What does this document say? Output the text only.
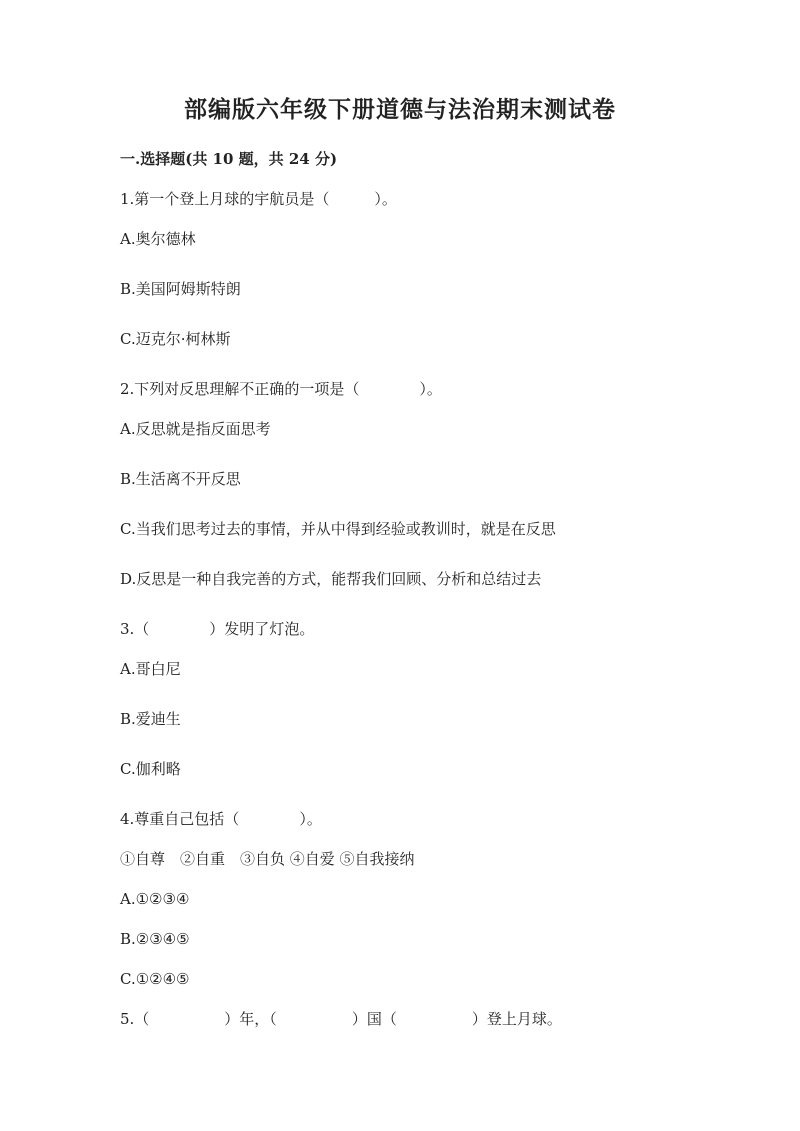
部编版六年级下册道德与法治期末测试卷
一.选择题(共 10 题，共 24 分)
1.第一个登上月球的宇航员是（　　　）。
A.奥尔德林
B.美国阿姆斯特朗
C.迈克尔·柯林斯
2.下列对反思理解不正确的一项是（　　　　）。
A.反思就是指反面思考
B.生活离不开反思
C.当我们思考过去的事情，并从中得到经验或教训时，就是在反思
D.反思是一种自我完善的方式，能帮我们回顾、分析和总结过去
3.（　　　　）发明了灯泡。
A.哥白尼
B.爱迪生
C.伽利略
4.尊重自己包括（　　　　）。
①自尊　②自重　③自负 ④自爱 ⑤自我接纳
A.①②③④
B.②③④⑤
C.①②④⑤
5.（　　　　　）年，（　　　　　）国（　　　　　）登上月球。
